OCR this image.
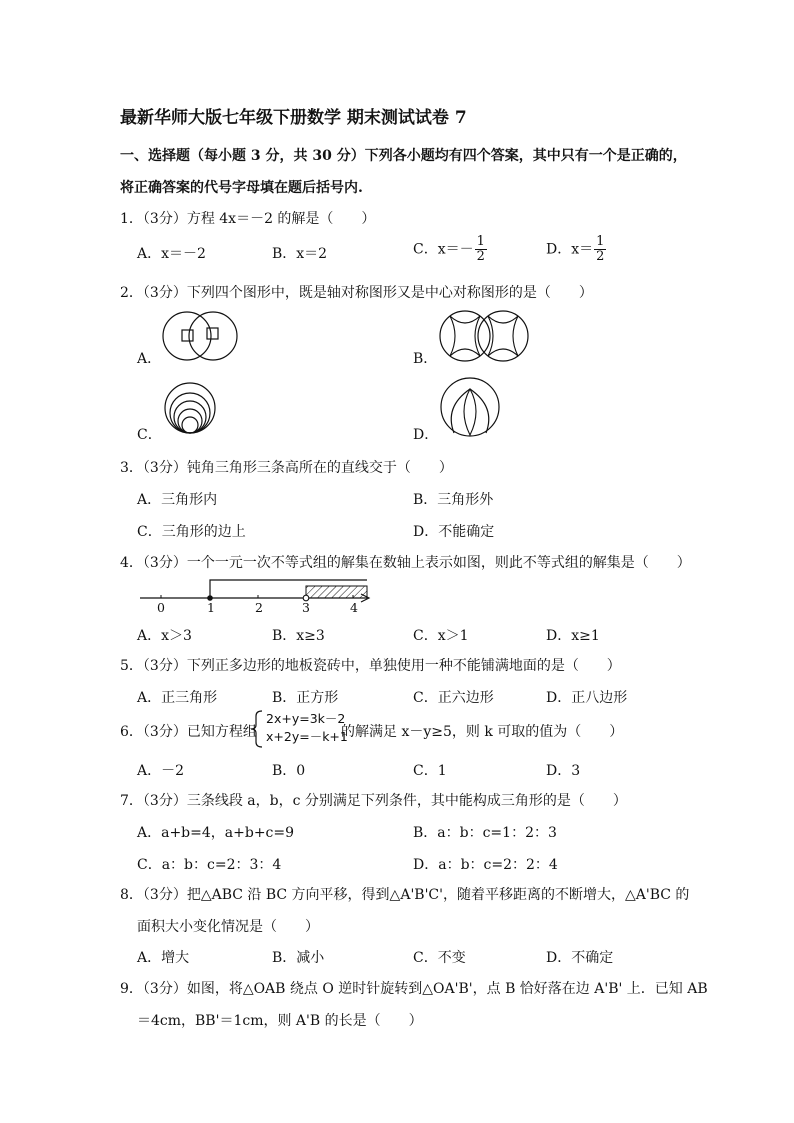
最新华师大版七年级下册数学 期末测试试卷 7
一、选择题（每小题 3 分，共 30 分）下列各小题均有四个答案，其中只有一个是正确的，
将正确答案的代号字母填在题后括号内.
1．（3分）方程 4x＝－2 的解是（　　）
A．x＝－2	B．x＝2	C．$x=- \frac{1}{2}$	D．$x= \frac{1}{2}$
2．（3分）下列四个图形中，既是轴对称图形又是中心对称图形的是（　　）
A．	B．
C．	D．
3．（3分）钝角三角形三条高所在的直线交于（　　）
A．三角形内	B．三角形外
C．三角形的边上	D．不能确定
4．（3分）一个一元一次不等式组的解集在数轴上表示如图，则此不等式组的解集是（　　）
0	1	2	3	4
A．x＞3	B．x≥3	C．x＞1	D．x≥1
5．（3分）下列正多边形的地板瓷砖中，单独使用一种不能铺满地面的是（　　）
A．正三角形	B．正方形	C．正六边形	D．正八边形
6．（3分）已知方程组
2x+y=3k－2
x+2y=－k+1
的解满足 x－y≥5，则 k 可取的值为（　　）
A．－2	B．0	C．1	D．3
7．（3分）三条线段 a，b，c 分别满足下列条件，其中能构成三角形的是（　　）
A．a+b=4，a+b+c=9	B．a：b：c=1：2：3
C．a：b：c=2：3：4	D．a：b：c=2：2：4
8．（3分）把△ABC 沿 BC 方向平移，得到△A'B'C'，随着平移距离的不断增大，△A'BC 的
面积大小变化情况是（　　）
A．增大	B．减小	C．不变	D．不确定
9．（3分）如图，将△OAB 绕点 O 逆时针旋转到△OA'B'，点 B 恰好落在边 A'B' 上．已知 AB
＝4cm，BB'＝1cm，则 A'B 的长是（　　）
